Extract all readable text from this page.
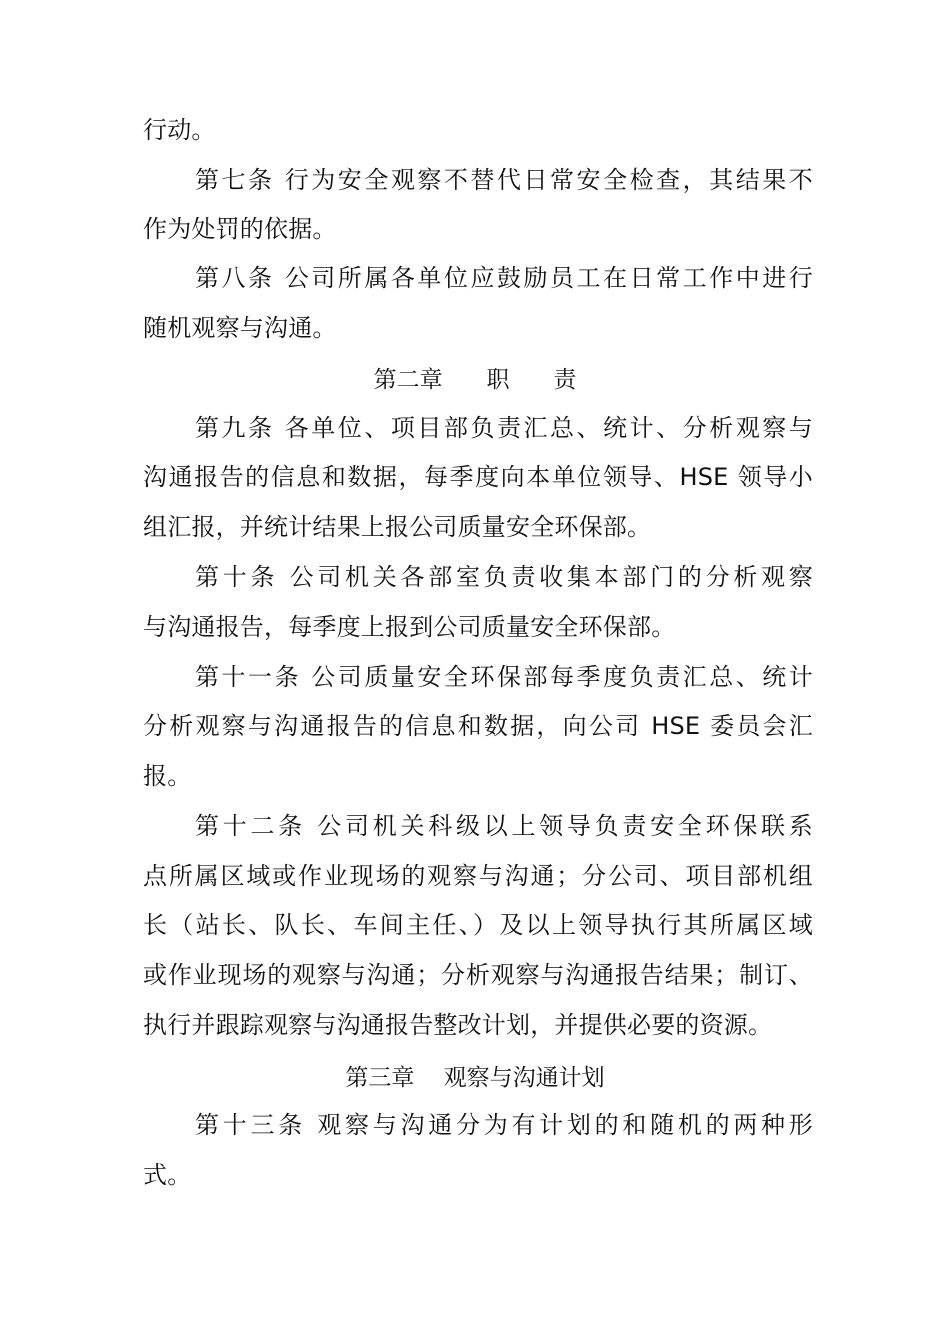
行动。
第七条 行为安全观察不替代日常安全检查，其结果不
作为处罚的依据。
第八条 公司所属各单位应鼓励员工在日常工作中进行
随机观察与沟通。
第二章      职      责
第九条 各单位、项目部负责汇总、统计、分析观察与
沟通报告的信息和数据，每季度向本单位领导、HSE 领导小
组汇报，并统计结果上报公司质量安全环保部。
第十条 公司机关各部室负责收集本部门的分析观察
与沟通报告，每季度上报到公司质量安全环保部。
第十一条 公司质量安全环保部每季度负责汇总、统计
分析观察与沟通报告的信息和数据，向公司 HSE 委员会汇
报。
第十二条 公司机关科级以上领导负责安全环保联系
点所属区域或作业现场的观察与沟通；分公司、项目部机组
长（站长、队长、车间主任、）及以上领导执行其所属区域
或作业现场的观察与沟通；分析观察与沟通报告结果；制订、
执行并跟踪观察与沟通报告整改计划，并提供必要的资源。
第三章    观察与沟通计划
第十三条 观察与沟通分为有计划的和随机的两种形
式。
